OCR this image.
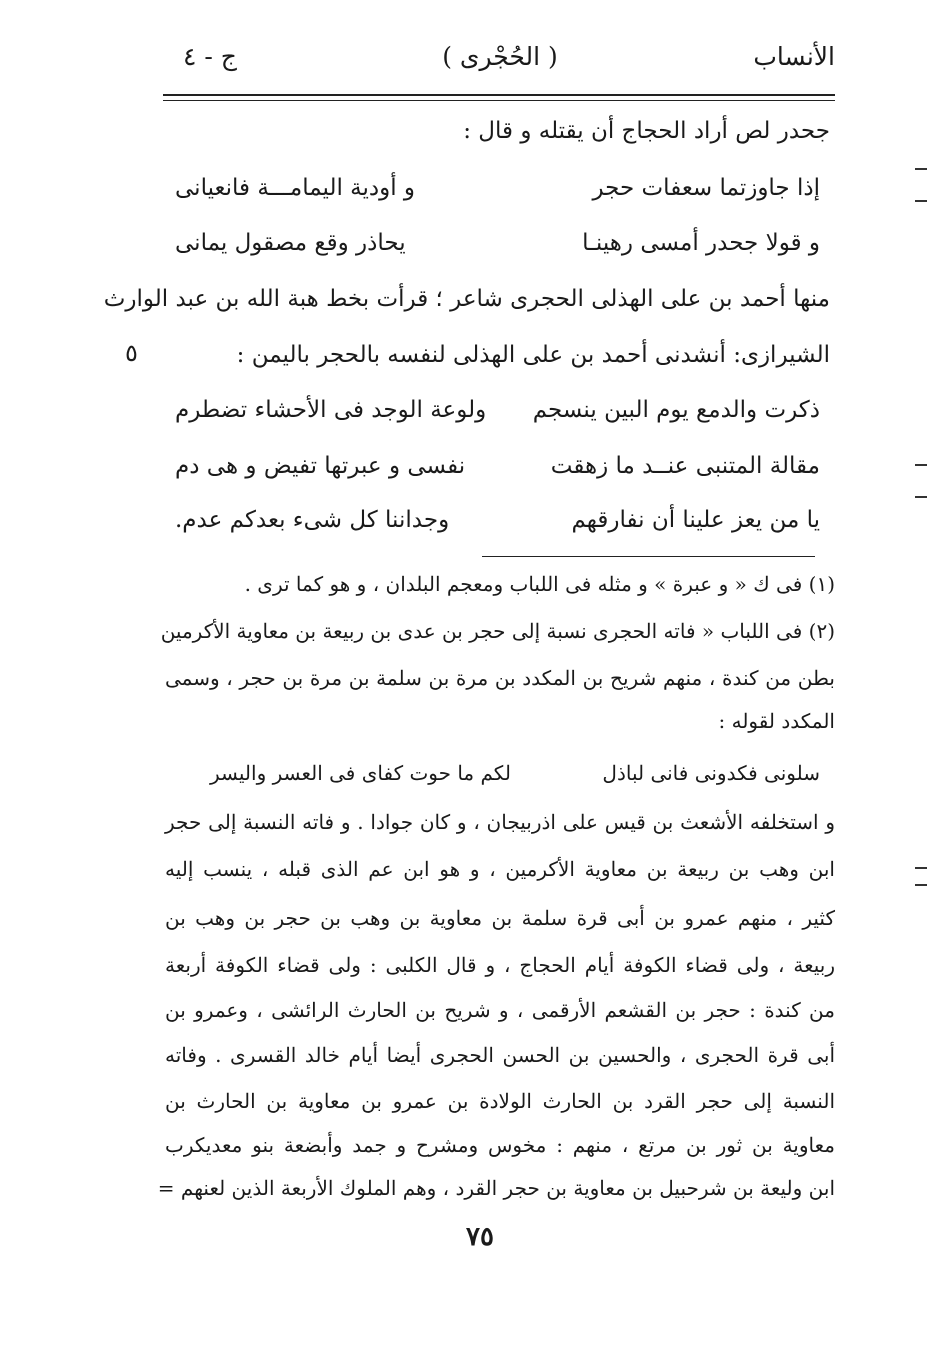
الأنساب
( الحُجْرى )
ج - ٤
جحدر لص أراد الحجاج أن يقتله و قال :
إذا جاوزتما سعفات حجر
و أودية اليمامـــة فانعيانى
و قولا جحدر أمسى رهينـا
يحاذر وقع مصقول يمانى
منها أحمد بن على الهذلى الحجرى شاعر ؛ قرأت بخط هبة الله بن عبد الوارث
الشيرازى: أنشدنى أحمد بن على الهذلى لنفسه بالحجر باليمن :
٥
ذكرت والدمع يوم البين ينسجم
ولوعة الوجد فى الأحشاء تضطرم
مقالة المتنبى عنــد ما زهقت
نفسى و عبرتها تفيض و هى دم
يا من يعز علينا أن نفارقهم
وجداننا كل شىء بعدكم عدم.
(١) فى ك « و عبرة » و مثله فى اللباب ومعجم البلدان ، و هو كما ترى .
(٢) فى اللباب « فاته الحجرى نسبة إلى حجر بن عدى بن ربيعة بن معاوية الأكرمين
بطن من كندة ، منهم شريح بن المكدد بن مرة بن سلمة بن مرة بن حجر ، وسمى
المكدد لقوله :
سلونى فكدونى فانى لباذل
لكم ما حوت كفاى فى العسر واليسر
و استخلفه الأشعث بن قيس على اذربيجان ، و كان جوادا . و فاته النسبة إلى حجر
ابن وهب بن ربيعة بن معاوية الأكرمين ، و هو ابن عم الذى قبله ، ينسب إليه
كثير ، منهم عمرو بن أبى قرة سلمة بن معاوية بن وهب بن حجر بن وهب بن
ربيعة ، ولى قضاء الكوفة أيام الحجاج ، و قال الكلبى : ولى قضاء الكوفة أربعة
من كندة : حجر بن القشعم الأرقمى ، و شريح بن الحارث الرائشى ، وعمرو بن
أبى قرة الحجرى ، والحسين بن الحسن الحجرى أيضا أيام خالد القسرى . وفاته
النسبة إلى حجر القرد بن الحارث الولادة بن عمرو بن معاوية بن الحارث بن
معاوية بن ثور بن مرتع ، منهم : مخوس ومشرح و جمد وأبضعة بنو معديكرب
ابن وليعة بن شرحبيل بن معاوية بن حجر القرد ، وهم الملوك الأربعة الذين لعنهم =
٧٥
